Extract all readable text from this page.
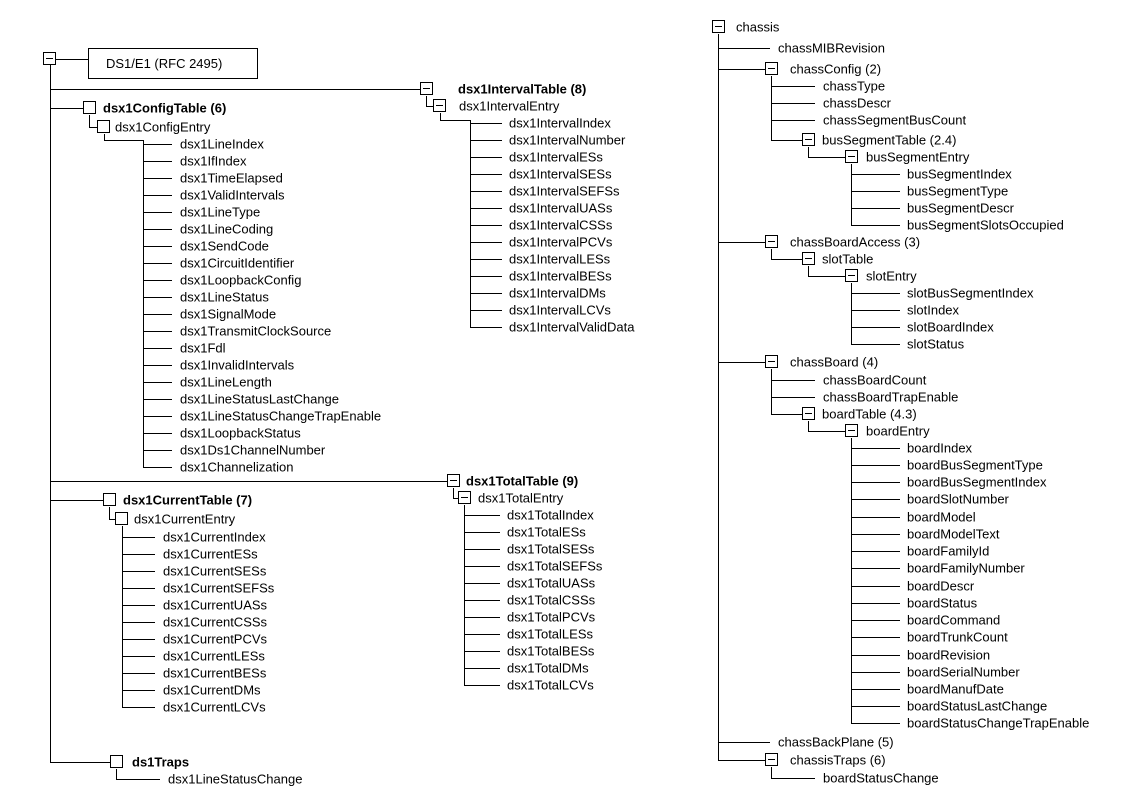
DS1/E1 (RFC 2495)
dsx1ConfigTable (6)
dsx1ConfigEntry
dsx1LineIndex
dsx1IfIndex
dsx1TimeElapsed
dsx1ValidIntervals
dsx1LineType
dsx1LineCoding
dsx1SendCode
dsx1CircuitIdentifier
dsx1LoopbackConfig
dsx1LineStatus
dsx1SignalMode
dsx1TransmitClockSource
dsx1Fdl
dsx1InvalidIntervals
dsx1LineLength
dsx1LineStatusLastChange
dsx1LineStatusChangeTrapEnable
dsx1LoopbackStatus
dsx1Ds1ChannelNumber
dsx1Channelization
dsx1IntervalTable (8)
dsx1IntervalEntry
dsx1IntervalIndex
dsx1IntervalNumber
dsx1IntervalESs
dsx1IntervalSESs
dsx1IntervalSEFSs
dsx1IntervalUASs
dsx1IntervalCSSs
dsx1IntervalPCVs
dsx1IntervalLESs
dsx1IntervalBESs
dsx1IntervalDMs
dsx1IntervalLCVs
dsx1IntervalValidData
dsx1TotalTable (9)
dsx1TotalEntry
dsx1TotalIndex
dsx1TotalESs
dsx1TotalSESs
dsx1TotalSEFSs
dsx1TotalUASs
dsx1TotalCSSs
dsx1TotalPCVs
dsx1TotalLESs
dsx1TotalBESs
dsx1TotalDMs
dsx1TotalLCVs
dsx1CurrentTable (7)
dsx1CurrentEntry
dsx1CurrentIndex
dsx1CurrentESs
dsx1CurrentSESs
dsx1CurrentSEFSs
dsx1CurrentUASs
dsx1CurrentCSSs
dsx1CurrentPCVs
dsx1CurrentLESs
dsx1CurrentBESs
dsx1CurrentDMs
dsx1CurrentLCVs
ds1Traps
dsx1LineStatusChange
chassis
chassMIBRevision
chassConfig (2)
chassType
chassDescr
chassSegmentBusCount
busSegmentTable (2.4)
busSegmentEntry
busSegmentIndex
busSegmentType
busSegmentDescr
busSegmentSlotsOccupied
chassBoardAccess (3)
slotTable
slotEntry
slotBusSegmentIndex
slotIndex
slotBoardIndex
slotStatus
chassBoard (4)
chassBoardCount
chassBoardTrapEnable
boardTable (4.3)
boardEntry
boardIndex
boardBusSegmentType
boardBusSegmentIndex
boardSlotNumber
boardModel
boardModelText
boardFamilyId
boardFamilyNumber
boardDescr
boardStatus
boardCommand
boardTrunkCount
boardRevision
boardSerialNumber
boardManufDate
boardStatusLastChange
boardStatusChangeTrapEnable
chassBackPlane (5)
chassisTraps (6)
boardStatusChange
